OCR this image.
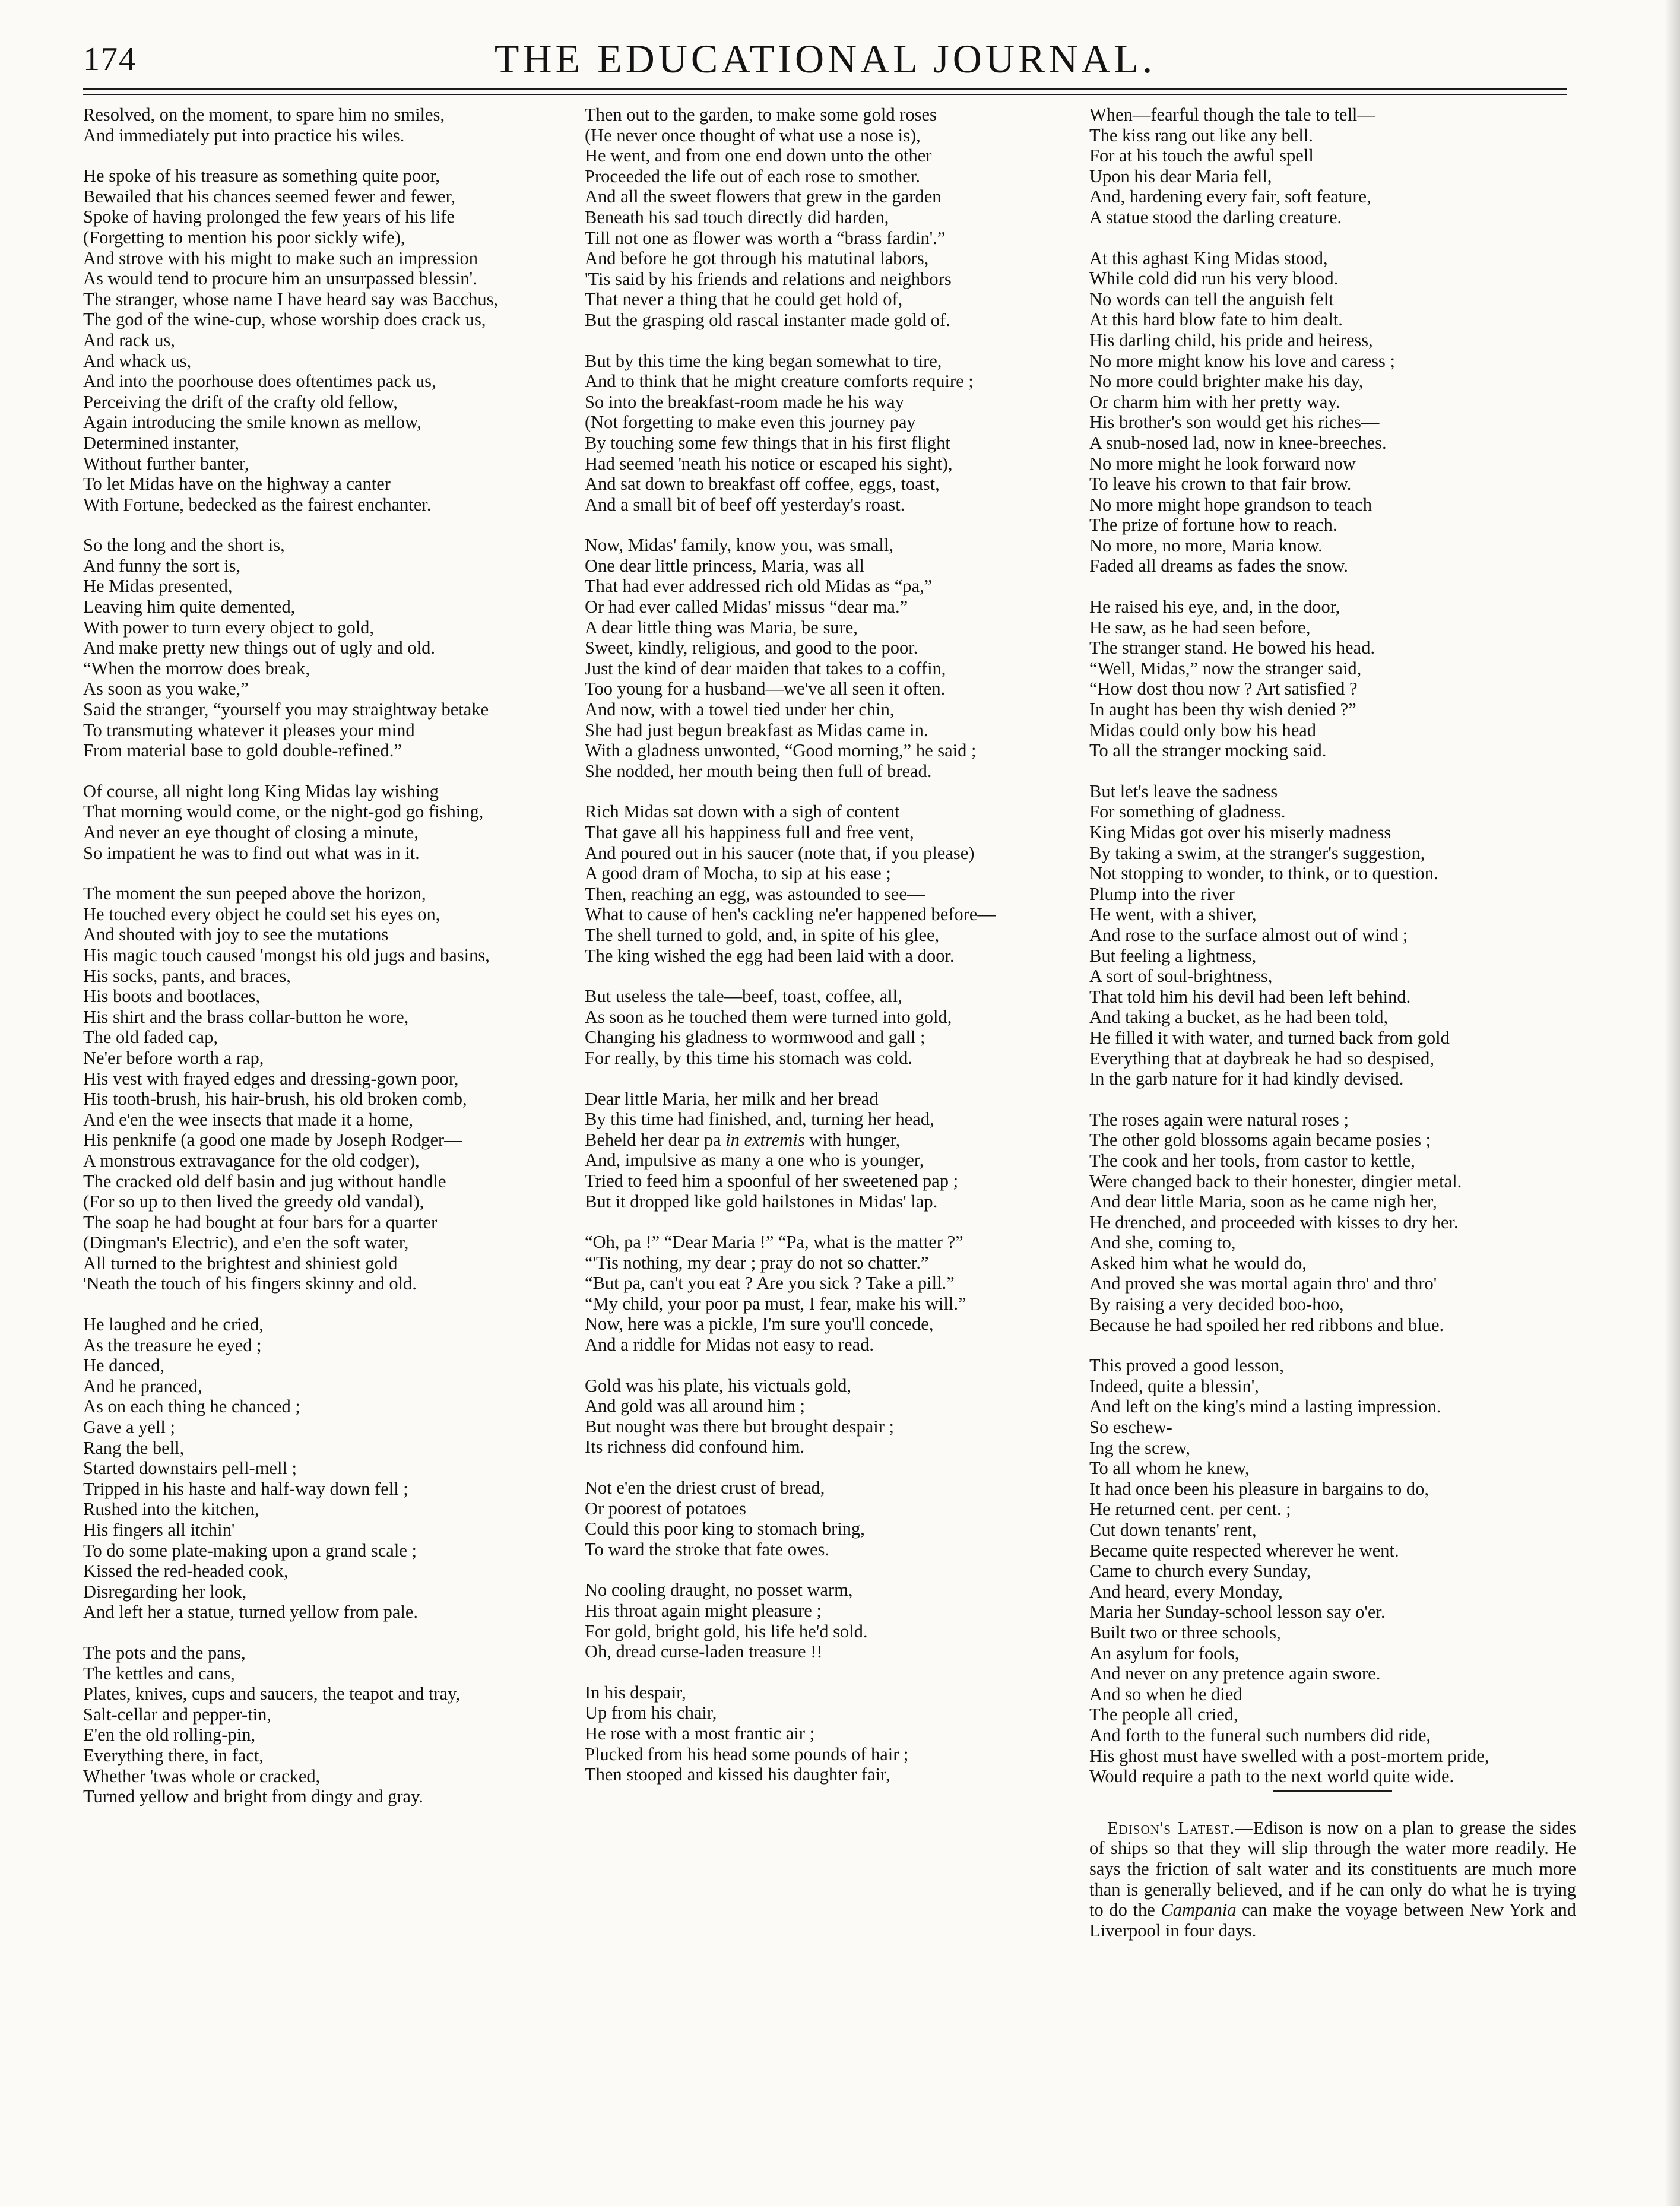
174	THE EDUCATIONAL JOURNAL.
Resolved, on the moment, to spare him no smiles,
And immediately put into practice his wiles.
He spoke of his treasure as something quite poor,
Bewailed that his chances seemed fewer and fewer,
Spoke of having prolonged the few years of his life
(Forgetting to mention his poor sickly wife),
And strove with his might to make such an impression
As would tend to procure him an unsurpassed blessin'.
The stranger, whose name I have heard say was Bacchus,
The god of the wine-cup, whose worship does crack us,
And rack us,
And whack us,
And into the poorhouse does oftentimes pack us,
Perceiving the drift of the crafty old fellow,
Again introducing the smile known as mellow,
Determined instanter,
Without further banter,
To let Midas have on the highway a canter
With Fortune, bedecked as the fairest enchanter.
So the long and the short is,
And funny the sort is,
He Midas presented,
Leaving him quite demented,
With power to turn every object to gold,
And make pretty new things out of ugly and old.
“When the morrow does break,
As soon as you wake,”
Said the stranger, “yourself you may straightway betake
To transmuting whatever it pleases your mind
From material base to gold double-refined.”
Of course, all night long King Midas lay wishing
That morning would come, or the night-god go fishing,
And never an eye thought of closing a minute,
So impatient he was to find out what was in it.
The moment the sun peeped above the horizon,
He touched every object he could set his eyes on,
And shouted with joy to see the mutations
His magic touch caused 'mongst his old jugs and basins,
His socks, pants, and braces,
His boots and bootlaces,
His shirt and the brass collar-button he wore,
The old faded cap,
Ne'er before worth a rap,
His vest with frayed edges and dressing-gown poor,
His tooth-brush, his hair-brush, his old broken comb,
And e'en the wee insects that made it a home,
His penknife (a good one made by Joseph Rodger—
A monstrous extravagance for the old codger),
The cracked old delf basin and jug without handle
(For so up to then lived the greedy old vandal),
The soap he had bought at four bars for a quarter
(Dingman's Electric), and e'en the soft water,
All turned to the brightest and shiniest gold
'Neath the touch of his fingers skinny and old.
He laughed and he cried,
As the treasure he eyed ;
He danced,
And he pranced,
As on each thing he chanced ;
Gave a yell ;
Rang the bell,
Started downstairs pell-mell ;
Tripped in his haste and half-way down fell ;
Rushed into the kitchen,
His fingers all itchin'
To do some plate-making upon a grand scale ;
Kissed the red-headed cook,
Disregarding her look,
And left her a statue, turned yellow from pale.
The pots and the pans,
The kettles and cans,
Plates, knives, cups and saucers, the teapot and tray,
Salt-cellar and pepper-tin,
E'en the old rolling-pin,
Everything there, in fact,
Whether 'twas whole or cracked,
Turned yellow and bright from dingy and gray.
Then out to the garden, to make some gold roses
(He never once thought of what use a nose is),
He went, and from one end down unto the other
Proceeded the life out of each rose to smother.
And all the sweet flowers that grew in the garden
Beneath his sad touch directly did harden,
Till not one as flower was worth a “brass fardin'.”
And before he got through his matutinal labors,
'Tis said by his friends and relations and neighbors
That never a thing that he could get hold of,
But the grasping old rascal instanter made gold of.
But by this time the king began somewhat to tire,
And to think that he might creature comforts require ;
So into the breakfast-room made he his way
(Not forgetting to make even this journey pay
By touching some few things that in his first flight
Had seemed 'neath his notice or escaped his sight),
And sat down to breakfast off coffee, eggs, toast,
And a small bit of beef off yesterday's roast.
Now, Midas' family, know you, was small,
One dear little princess, Maria, was all
That had ever addressed rich old Midas as “pa,”
Or had ever called Midas' missus “dear ma.”
A dear little thing was Maria, be sure,
Sweet, kindly, religious, and good to the poor.
Just the kind of dear maiden that takes to a coffin,
Too young for a husband—we've all seen it often.
And now, with a towel tied under her chin,
She had just begun breakfast as Midas came in.
With a gladness unwonted, “Good morning,” he said ;
She nodded, her mouth being then full of bread.
Rich Midas sat down with a sigh of content
That gave all his happiness full and free vent,
And poured out in his saucer (note that, if you please)
A good dram of Mocha, to sip at his ease ;
Then, reaching an egg, was astounded to see—
What to cause of hen's cackling ne'er happened before—
The shell turned to gold, and, in spite of his glee,
The king wished the egg had been laid with a door.
But useless the tale—beef, toast, coffee, all,
As soon as he touched them were turned into gold,
Changing his gladness to wormwood and gall ;
For really, by this time his stomach was cold.
Dear little Maria, her milk and her bread
By this time had finished, and, turning her head,
Beheld her dear pa in extremis with hunger,
And, impulsive as many a one who is younger,
Tried to feed him a spoonful of her sweetened pap ;
But it dropped like gold hailstones in Midas' lap.
“Oh, pa !” “Dear Maria !” “Pa, what is the matter ?”
“'Tis nothing, my dear ; pray do not so chatter.”
“But pa, can't you eat ? Are you sick ? Take a pill.”
“My child, your poor pa must, I fear, make his will.”
Now, here was a pickle, I'm sure you'll concede,
And a riddle for Midas not easy to read.
Gold was his plate, his victuals gold,
And gold was all around him ;
But nought was there but brought despair ;
Its richness did confound him.
Not e'en the driest crust of bread,
Or poorest of potatoes
Could this poor king to stomach bring,
To ward the stroke that fate owes.
No cooling draught, no posset warm,
His throat again might pleasure ;
For gold, bright gold, his life he'd sold.
Oh, dread curse-laden treasure !!
In his despair,
Up from his chair,
He rose with a most frantic air ;
Plucked from his head some pounds of hair ;
Then stooped and kissed his daughter fair,
When—fearful though the tale to tell—
The kiss rang out like any bell.
For at his touch the awful spell
Upon his dear Maria fell,
And, hardening every fair, soft feature,
A statue stood the darling creature.
At this aghast King Midas stood,
While cold did run his very blood.
No words can tell the anguish felt
At this hard blow fate to him dealt.
His darling child, his pride and heiress,
No more might know his love and caress ;
No more could brighter make his day,
Or charm him with her pretty way.
His brother's son would get his riches—
A snub-nosed lad, now in knee-breeches.
No more might he look forward now
To leave his crown to that fair brow.
No more might hope grandson to teach
The prize of fortune how to reach.
No more, no more, Maria know.
Faded all dreams as fades the snow.
He raised his eye, and, in the door,
He saw, as he had seen before,
The stranger stand. He bowed his head.
“Well, Midas,” now the stranger said,
“How dost thou now ? Art satisfied ?
In aught has been thy wish denied ?”
Midas could only bow his head
To all the stranger mocking said.
But let's leave the sadness
For something of gladness.
King Midas got over his miserly madness
By taking a swim, at the stranger's suggestion,
Not stopping to wonder, to think, or to question.
Plump into the river
He went, with a shiver,
And rose to the surface almost out of wind ;
But feeling a lightness,
A sort of soul-brightness,
That told him his devil had been left behind.
And taking a bucket, as he had been told,
He filled it with water, and turned back from gold
Everything that at daybreak he had so despised,
In the garb nature for it had kindly devised.
The roses again were natural roses ;
The other gold blossoms again became posies ;
The cook and her tools, from castor to kettle,
Were changed back to their honester, dingier metal.
And dear little Maria, soon as he came nigh her,
He drenched, and proceeded with kisses to dry her.
And she, coming to,
Asked him what he would do,
And proved she was mortal again thro' and thro'
By raising a very decided boo-hoo,
Because he had spoiled her red ribbons and blue.
This proved a good lesson,
Indeed, quite a blessin',
And left on the king's mind a lasting impression.
So eschew-
Ing the screw,
To all whom he knew,
It had once been his pleasure in bargains to do,
He returned cent. per cent. ;
Cut down tenants' rent,
Became quite respected wherever he went.
Came to church every Sunday,
And heard, every Monday,
Maria her Sunday-school lesson say o'er.
Built two or three schools,
An asylum for fools,
And never on any pretence again swore.
And so when he died
The people all cried,
And forth to the funeral such numbers did ride,
His ghost must have swelled with a post-mortem pride,
Would require a path to the next world quite wide.
Edison's Latest.—Edison is now on a plan to grease the sides of ships so that they will slip through the water more readily. He says the friction of salt water and its constituents are much more than is generally believed, and if he can only do what he is trying to do the Campania can make the voyage between New York and Liverpool in four days.
